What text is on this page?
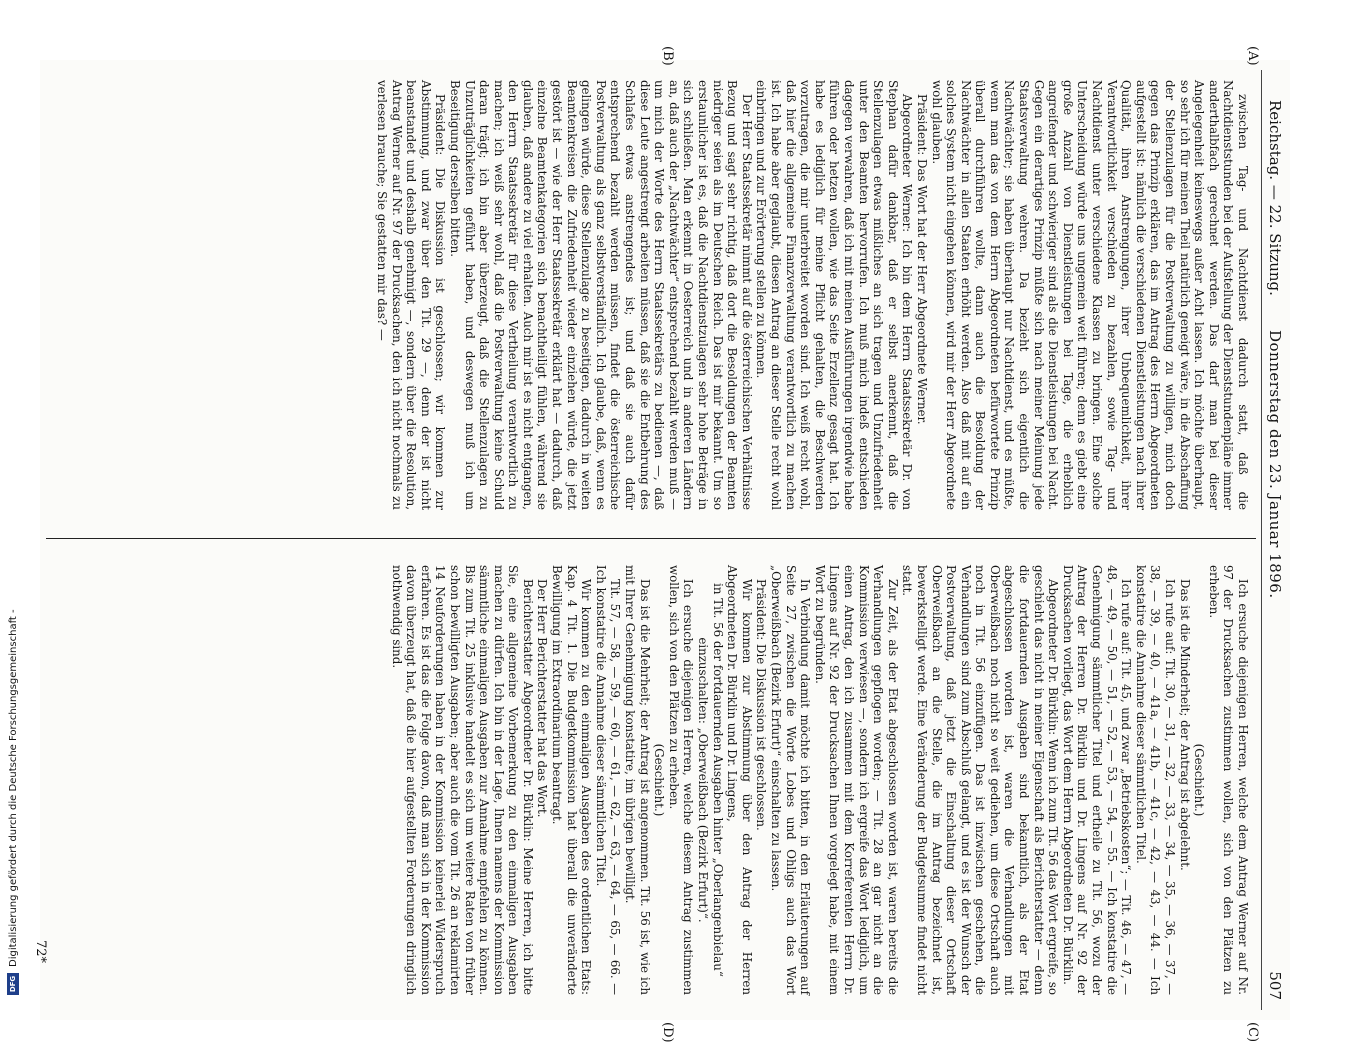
Reichstag. — 22. Sitzung.
Donnerstag den 23. Januar 1896.
507
(A)
(B)
(C)
(D)

zwischen Tag- und Nachtdienst dadurch statt, daß die Nachtdienststunden bei der Aufstellung der Dienststundenpläne immer anderthalbfach gerechnet werden. Das darf man bei dieser Angelegenheit keineswegs außer Acht lassen. Ich möchte überhaupt, so sehr ich für meinen Theil natürlich geneigt wäre, in die Abschaffung der Stellenzulagen für die Postverwaltung zu willigen, mich doch gegen das Prinzip erklären, das im Antrag des Herrn Abgeordneten aufgestellt ist: nämlich die verschiedenen Dienstleistungen nach ihrer Qualität, ihren Anstrengungen, ihrer Unbequemlichkeit, ihrer Verantwortlichkeit verschieden zu bezahlen, sowie Tag- und Nachtdienst unter verschiedene Klassen zu bringen. Eine solche Unterscheidung würde uns ungemein weit führen; denn es giebt eine große Anzahl von Dienstleistungen bei Tage, die erheblich angreifender und schwieriger sind als die Dienstleistungen bei Nacht. Gegen ein derartiges Prinzip müßte sich nach meiner Meinung jede Staatsverwaltung wehren. Da bezieht sich eigentlich die Nachtwächter; sie haben überhaupt nur Nachtdienst, und es müßte, wenn man das von dem Herrn Abgeordneten befürwortete Prinzip überall durchführen wollte, dann auch die Besoldung der Nachtwächter in allen Staaten erhöht werden. Also daß mit auf ein solches System nicht eingehen können, wird mir der Herr Abgeordnete wohl glauben.

Präsident: Das Wort hat der Herr Abgeordnete Werner.

Abgeordneter Werner: Ich bin dem Herrn Staatssekretär Dr. von Stephan dafür dankbar, daß er selbst anerkennt, daß die Stellenzulagen etwas mißliches an sich tragen und Unzufriedenheit unter den Beamten hervorrufen. Ich muß mich indeß entschieden dagegen verwahren, daß ich mit meinen Ausführungen irgendwie habe führen oder hetzen wollen, wie das Seite Erzellenz gesagt hat. Ich habe es lediglich für meine Pflicht gehalten, die Beschwerden vorzutragen, die mir unterbreitet worden sind. Ich weiß recht wohl, daß hier die allgemeine Finanzverwaltung verantwortlich zu machen ist. Ich habe aber geglaubt, diesen Antrag an dieser Stelle recht wohl einbringen und zur Erörterung stellen zu können.

Der Herr Staatssekretär nimmt auf die österreichischen Verhältnisse Bezug und sagt sehr richtig, daß dort die Besoldungen der Beamten niedriger seien als im Deutschen Reich. Das ist mir bekannt. Um so erstaunlicher ist es, daß die Nachtdienstzulagen sehr hohe Beträge in sich schließen. Man erkennt in Oesterreich und in anderen Ländern an, daß auch der „Nachtwächter“ entsprechend bezahlt werden muß — um mich der Worte des Herrn Staatssekretärs zu bedienen —, daß diese Leute angestrengt arbeiten müssen, daß sie die Entbehrung des Schlafes etwas anstrengendes ist; und daß sie auch dafür entsprechend bezahlt werden müssen, findet die österreichische Postverwaltung als ganz selbstverständlich. Ich glaube, daß, wenn es gelingen würde, diese Stellenzulage zu beseitigen, dadurch in weiten Beamtenkreisen die Zufriedenheit wieder einziehen würde, die jetzt gestört ist — wie der Herr Staatssekretär erklärt hat — dadurch, daß einzelne Beamtenkategorien sich benachtheiligt fühlen, während sie glauben, daß andere zu viel erhalten. Auch mir ist es nicht entgangen, den Herrn Staatssekretär für diese Vertheilung verantwortlich zu machen; ich weiß sehr wohl, daß die Postverwaltung keine Schuld daran trägt; ich bin aber überzeugt, daß die Stellenzulagen zu Unzuträglichkeiten geführt haben, und deswegen muß ich um Beseitigung derselben bitten.

Präsident: Die Diskussion ist geschlossen; wir kommen zur Abstimmung, und zwar über den Tit. 29 —, denn der ist nicht beanstandet und deshalb genehmigt —, sondern über die Resolution, Antrag Werner auf Nr. 97 der Drucksachen, den ich nicht nochmals zu verlesen brauche; Sie gestatten mir das? —

Ich ersuche diejenigen Herren, welche dem Antrag Werner auf Nr. 97 der Drucksachen zustimmen wollen, sich von den Plätzen zu erheben.

(Geschieht.)

Das ist die Minderheit; der Antrag ist abgelehnt.

Ich rufe auf: Tit. 30, — 31, — 32, — 33, — 34, — 35, — 36, — 37, — 38, — 39, — 40, — 41a, — 41b, — 41c, — 42, — 43, — 44. — Ich konstatire die Annahme dieser sämmtlichen Titel.

Ich rufe auf: Tit. 45, und zwar „Betriebskosten“; — Tit. 46, — 47, — 48, — 49, — 50, — 51, — 52, — 53, — 54, — 55. — Ich konstatire die Genehmigung sämmtlicher Titel und ertheile zu Tit. 56, wozu der Antrag der Herren Dr. Bürklin und Dr. Lingens auf Nr. 92 der Drucksachen vorliegt, das Wort dem Herrn Abgeordneten Dr. Bürklin.

Abgeordneter Dr. Bürklin: Wenn ich zum Tit. 56 das Wort ergreife, so geschieht das nicht in meiner Eigenschaft als Berichterstatter — denn die fortdauernden Ausgaben sind bekanntlich, als der Etat abgeschlossen worden ist, waren die Verhandlungen mit Oberweißbach noch nicht so weit gediehen, um diese Ortschaft auch noch in Tit. 56 einzufügen. Das ist inzwischen geschehen, die Verhandlungen sind zum Abschluß gelangt, und es ist der Wunsch der Postverwaltung, daß jetzt die Einschaltung dieser Ortschaft Oberweißbach an die Stelle, die im Antrag bezeichnet ist, bewerkstelligt werde. Eine Veränderung der Budgetsumme findet nicht statt.

Zur Zeit, als der Etat abgeschlossen worden ist, waren bereits die Verhandlungen gepflogen worden; — Tit. 28 an gar nicht an die Kommission verwiesen —, sondern ich ergreife das Wort lediglich, um einen Antrag, den ich zusammen mit dem Korreferenten Herrn Dr. Lingens auf Nr. 92 der Drucksachen Ihnen vorgelegt habe, mit einem Wort zu begründen.

In Verbindung damit möchte ich bitten, in den Erläuterungen auf Seite 27, zwischen die Worte Lobes und Ohligs auch das Wort „Oberweißbach (Bezirk Erfurt)“ einschalten zu lassen.

Präsident: Die Diskussion ist geschlossen.

Wir kommen zur Abstimmung über den Antrag der Herren Abgeordneten Dr. Bürklin und Dr. Lingens,

in Tit. 56 der fortdauernden Ausgaben hinter „Oberlangenbielau“ einzuschalten: „Oberweißbach (Bezirk Erfurt)“.

Ich ersuche diejenigen Herren, welche diesem Antrag zustimmen wollen, sich von den Plätzen zu erheben.

(Geschieht.)

Das ist die Mehrheit; der Antrag ist angenommen. Tit. 56 ist, wie ich mit Ihrer Genehmigung konstatire, im übrigen bewilligt.

Tit. 57, — 58, — 59, — 60, — 61, — 62, — 63, — 64, — 65, — 66. — Ich konstatire die Annahme dieser sämmtlichen Titel.

Wir kommen zu den einmaligen Ausgaben des ordentlichen Etats: Kap. 4 Tit. 1. Die Budgetkommission hat überall die unveränderte Bewilligung im Extraordinarium beantragt.

Der Herr Berichterstatter hat das Wort.

Berichterstatter Abgeordneter Dr. Bürklin: Meine Herren, ich bitte Sie, eine allgemeine Vorbemerkung zu den einmaligen Ausgaben machen zu dürfen. Ich bin in der Lage, Ihnen namens der Kommission sämmtliche einmaligen Ausgaben zur Annahme empfehlen zu können. Bis zum Tit. 25 inklusive handelt es sich um weitere Raten von früher schon bewilligten Ausgaben; aber auch die vom Tit. 26 an reklamirten 14 Neuforderungen haben in der Kommission keinerlei Widerspruch erfahren. Es ist das die Folge davon, daß man sich in der Kommission davon überzeugt hat, daß die hier aufgestellten Forderungen dringlich nothwendig sind.

72*
DFG
Digitalisierung gefördert durch die Deutsche Forschungsgemeinschaft -
